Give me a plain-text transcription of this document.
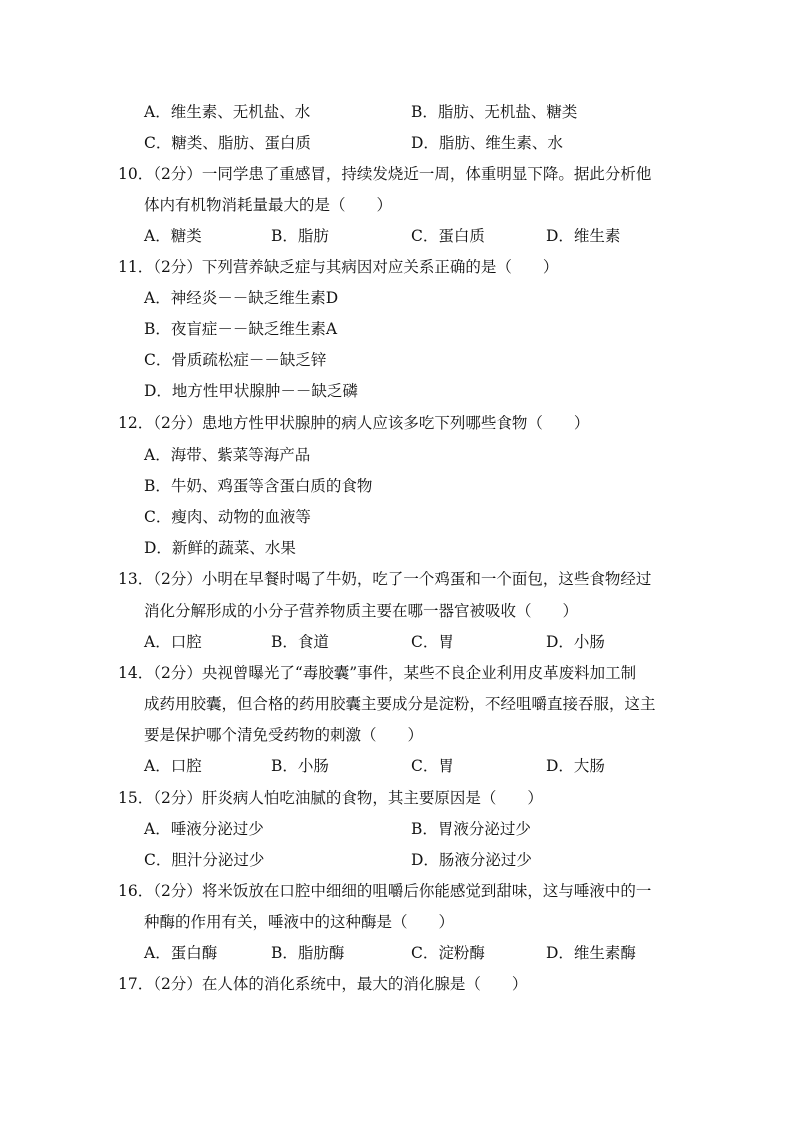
A．维生素、无机盐、水	B．脂肪、无机盐、糖类
C．糖类、脂肪、蛋白质	D．脂肪、维生素、水
10．（2分）一同学患了重感冒，持续发烧近一周，体重明显下降。据此分析他
体内有机物消耗量最大的是（　　）
A．糖类	B．脂肪	C．蛋白质	D．维生素
11．（2分）下列营养缺乏症与其病因对应关系正确的是（　　）
A．神经炎－－缺乏维生素D
B．夜盲症－－缺乏维生素A
C．骨质疏松症－－缺乏锌
D．地方性甲状腺肿－－缺乏磷
12．（2分）患地方性甲状腺肿的病人应该多吃下列哪些食物（　　）
A．海带、紫菜等海产品
B．牛奶、鸡蛋等含蛋白质的食物
C．瘦肉、动物的血液等
D．新鲜的蔬菜、水果
13．（2分）小明在早餐时喝了牛奶，吃了一个鸡蛋和一个面包，这些食物经过
消化分解形成的小分子营养物质主要在哪一器官被吸收（　　）
A．口腔	B．食道	C．胃	D．小肠
14．（2分）央视曾曝光了“毒胶囊”事件，某些不良企业利用皮革废料加工制
成药用胶囊，但合格的药用胶囊主要成分是淀粉，不经咀嚼直接吞服，这主
要是保护哪个清免受药物的刺激（　　）
A．口腔	B．小肠	C．胃	D．大肠
15．（2分）肝炎病人怕吃油腻的食物，其主要原因是（　　）
A．唾液分泌过少	B．胃液分泌过少
C．胆汁分泌过少	D．肠液分泌过少
16．（2分）将米饭放在口腔中细细的咀嚼后你能感觉到甜味，这与唾液中的一
种酶的作用有关，唾液中的这种酶是（　　）
A．蛋白酶	B．脂肪酶	C．淀粉酶	D．维生素酶
17．（2分）在人体的消化系统中，最大的消化腺是（　　）
